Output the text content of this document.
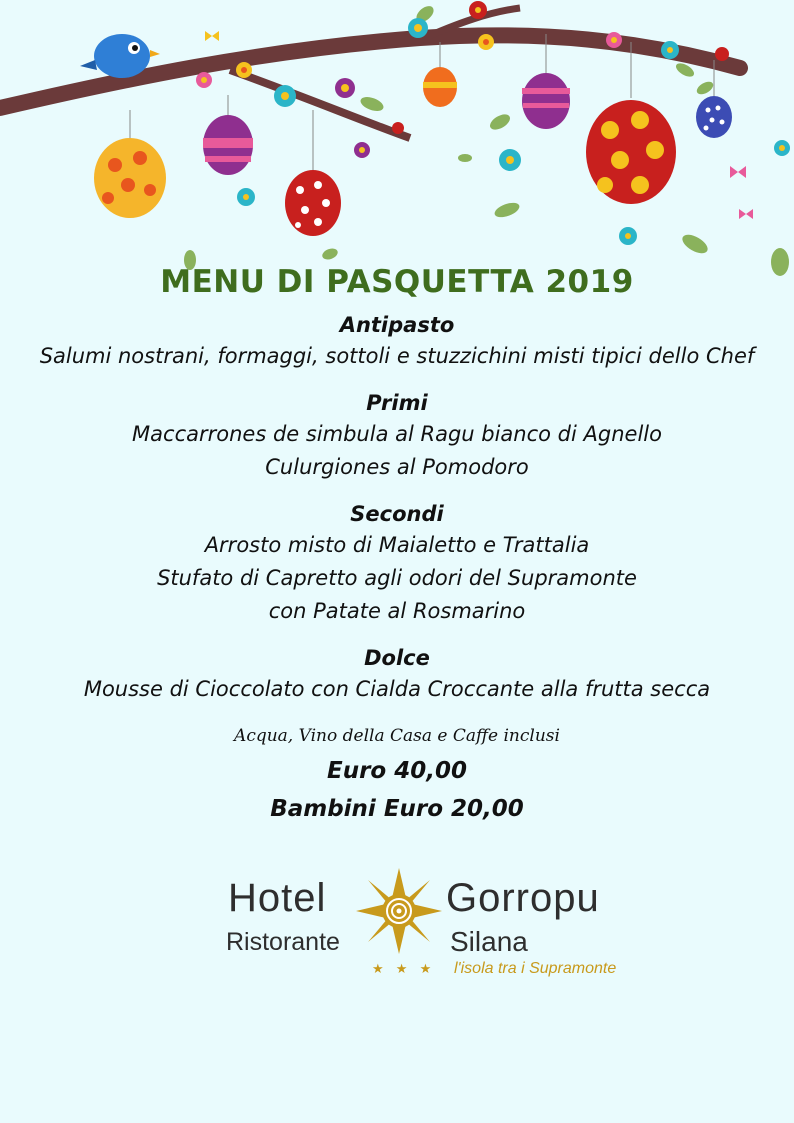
MENU DI PASQUETTA 2019
Antipasto
Salumi nostrani, formaggi, sottoli e stuzzichini misti tipici dello Chef
Primi
Maccarrones de simbula al Ragu bianco di Agnello
Culurgiones al Pomodoro
Secondi
Arrosto misto di Maialetto e Trattalia
Stufato di Capretto agli odori del Supramonte
con Patate al Rosmarino
Dolce
Mousse di Cioccolato con Cialda Croccante alla frutta secca
Acqua, Vino della Casa e Caffe inclusi
Euro 40,00
Bambini Euro 20,00
Hotel	Gorropu
Ristorante	Silana
★ ★ ★ l'isola tra i Supramonte
